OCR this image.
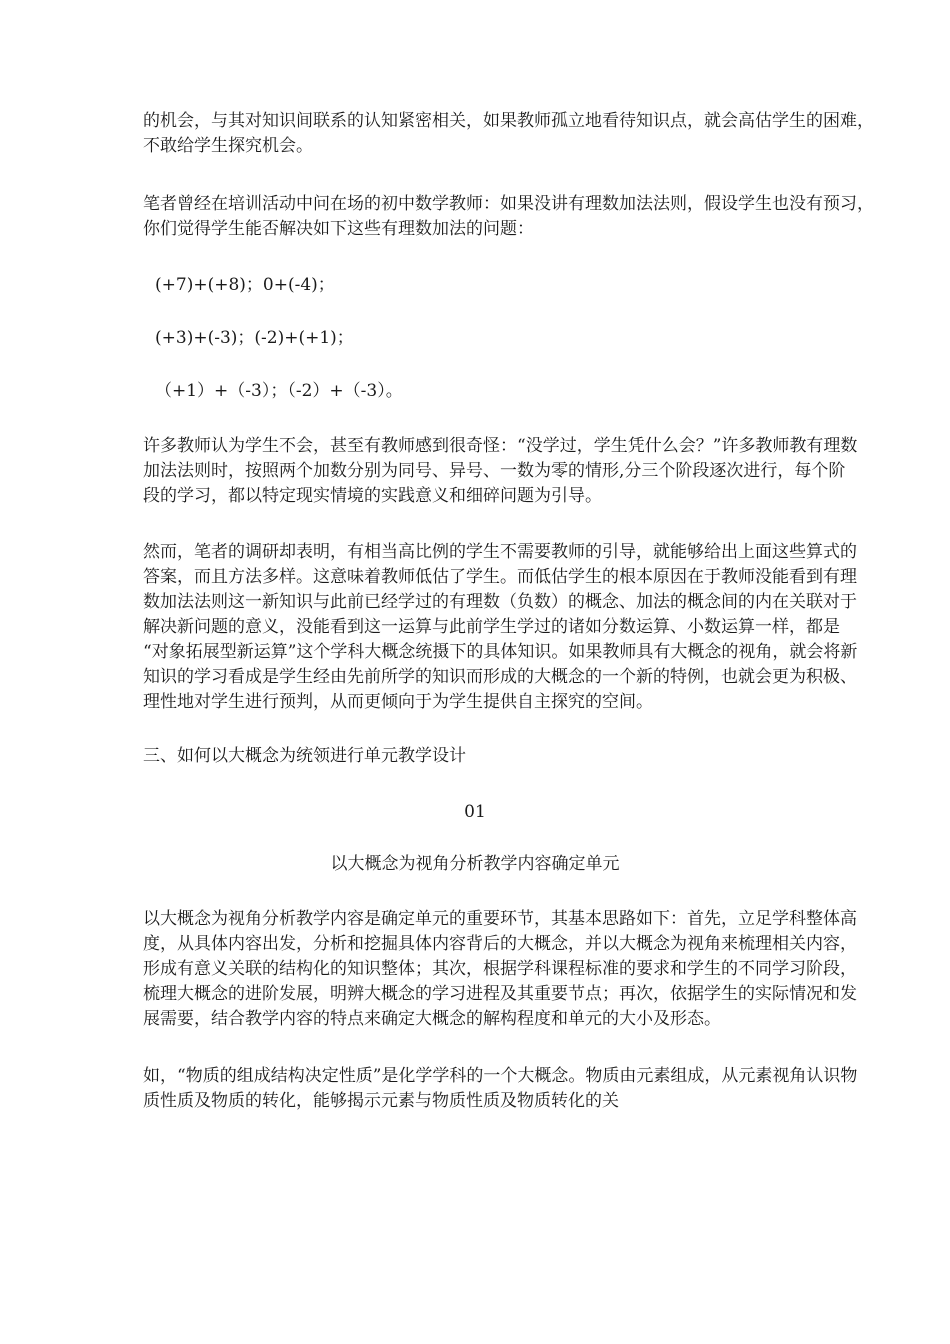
的机会，与其对知识间联系的认知紧密相关，如果教师孤立地看待知识点，就会高估学生的困难，
不敢给学生探究机会。

笔者曾经在培训活动中问在场的初中数学教师：如果没讲有理数加法法则，假设学生也没有预习，
你们觉得学生能否解决如下这些有理数加法的问题：

(+7)+(+8)；0+(-4)；
(+3)+(-3)；(-2)+(+1)；
（+1）+（-3）；（-2）+（-3）。

许多教师认为学生不会，甚至有教师感到很奇怪：“没学过，学生凭什么会？”许多教师教有理数
加法法则时，按照两个加数分别为同号、异号、一数为零的情形,分三个阶段逐次进行，每个阶
段的学习，都以特定现实情境的实践意义和细碎问题为引导。

然而，笔者的调研却表明，有相当高比例的学生不需要教师的引导，就能够给出上面这些算式的
答案，而且方法多样。这意味着教师低估了学生。而低估学生的根本原因在于教师没能看到有理
数加法法则这一新知识与此前已经学过的有理数（负数）的概念、加法的概念间的内在关联对于
解决新问题的意义，没能看到这一运算与此前学生学过的诸如分数运算、小数运算一样，都是
“对象拓展型新运算”这个学科大概念统摄下的具体知识。如果教师具有大概念的视角，就会将新
知识的学习看成是学生经由先前所学的知识而形成的大概念的一个新的特例，也就会更为积极、
理性地对学生进行预判，从而更倾向于为学生提供自主探究的空间。

三、如何以大概念为统领进行单元教学设计

01
以大概念为视角分析教学内容确定单元

以大概念为视角分析教学内容是确定单元的重要环节，其基本思路如下：首先，立足学科整体高
度，从具体内容出发，分析和挖掘具体内容背后的大概念，并以大概念为视角来梳理相关内容，
形成有意义关联的结构化的知识整体；其次，根据学科课程标准的要求和学生的不同学习阶段，
梳理大概念的进阶发展，明辨大概念的学习进程及其重要节点；再次，依据学生的实际情况和发
展需要，结合教学内容的特点来确定大概念的解构程度和单元的大小及形态。

如，“物质的组成结构决定性质”是化学学科的一个大概念。物质由元素组成，从元素视角认识物
质性质及物质的转化，能够揭示元素与物质性质及物质转化的关
